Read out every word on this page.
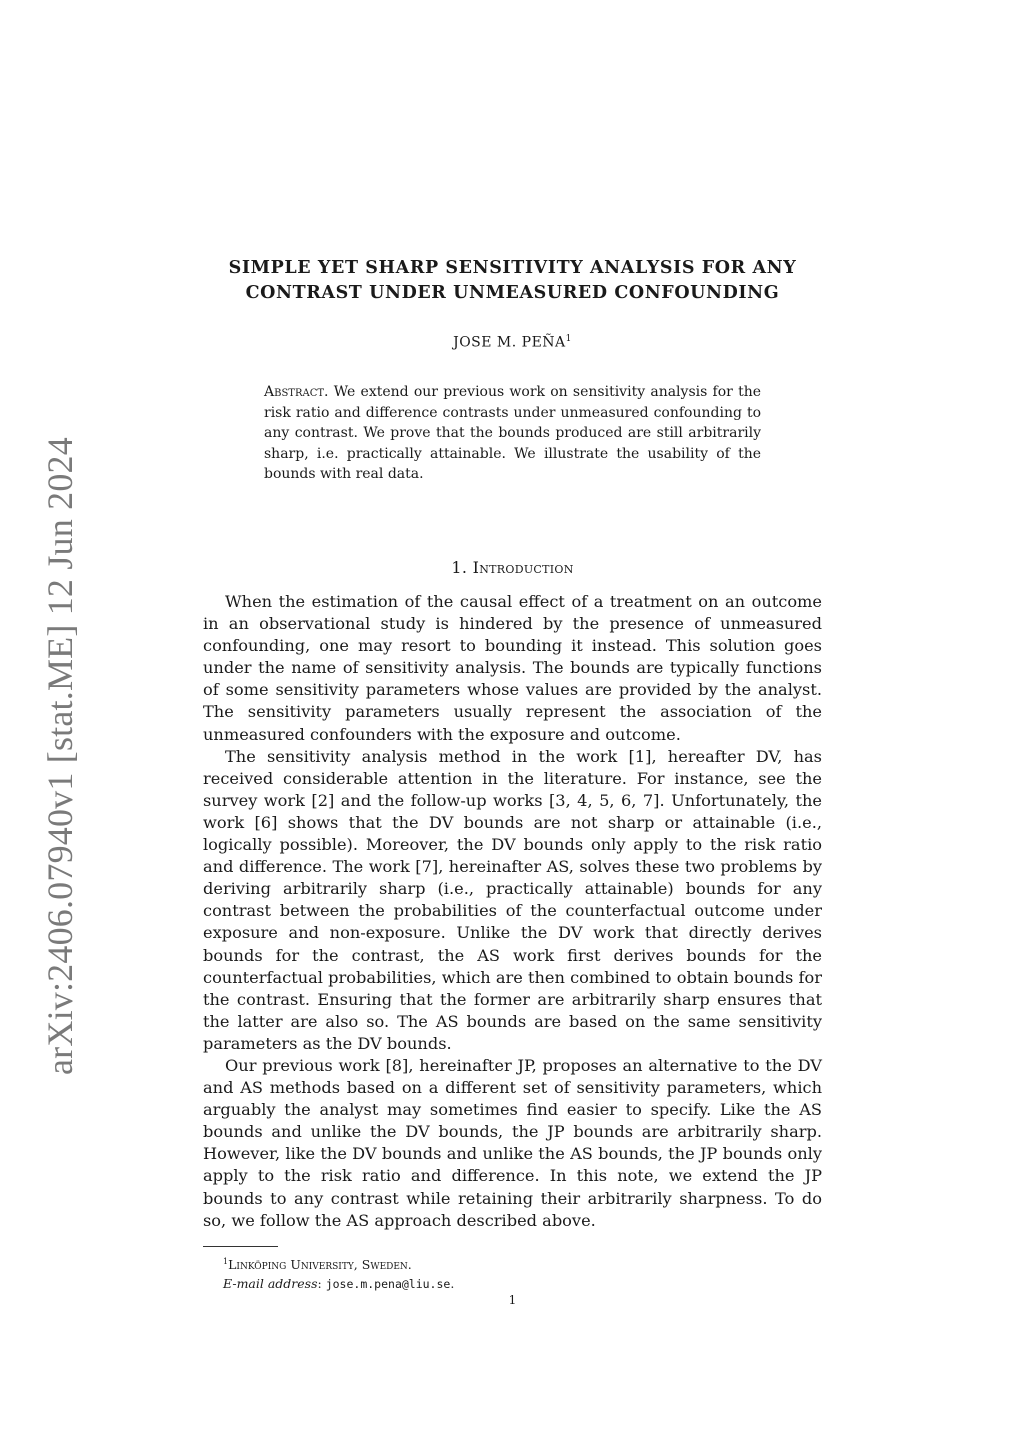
arXiv:2406.07940v1 [stat.ME] 12 Jun 2024
SIMPLE YET SHARP SENSITIVITY ANALYSIS FOR ANY
CONTRAST UNDER UNMEASURED CONFOUNDING
JOSE M. PEÑA$^1$
Abstract. We extend our previous work on sensitivity analysis for the risk ratio and difference contrasts under unmeasured confounding to any contrast. We prove that the bounds produced are still arbitrarily sharp, i.e. practically attainable. We illustrate the usability of the bounds with real data.
1. Introduction

When the estimation of the causal effect of a treatment on an outcome in an observational study is hindered by the presence of unmeasured confounding, one may resort to bounding it instead. This solution goes under the name of sensitivity analysis. The bounds are typically functions of some sensitivity parameters whose values are provided by the analyst. The sensitivity parameters usually represent the association of the unmeasured confounders with the exposure and outcome.

The sensitivity analysis method in the work [1], hereafter DV, has received considerable attention in the literature. For instance, see the survey work [2] and the follow-up works [3, 4, 5, 6, 7]. Unfortunately, the work [6] shows that the DV bounds are not sharp or attainable (i.e., logically possible). Moreover, the DV bounds only apply to the risk ratio and difference. The work [7], hereinafter AS, solves these two problems by deriving arbitrarily sharp (i.e., practically attainable) bounds for any contrast between the probabilities of the counterfactual outcome under exposure and non-exposure. Unlike the DV work that directly derives bounds for the contrast, the AS work first derives bounds for the counterfactual probabilities, which are then combined to obtain bounds for the contrast. Ensuring that the former are arbitrarily sharp ensures that the latter are also so. The AS bounds are based on the same sensitivity parameters as the DV bounds.

Our previous work [8], hereinafter JP, proposes an alternative to the DV and AS methods based on a different set of sensitivity parameters, which arguably the analyst may sometimes find easier to specify. Like the AS bounds and unlike the DV bounds, the JP bounds are arbitrarily sharp. However, like the DV bounds and unlike the AS bounds, the JP bounds only apply to the risk ratio and difference. In this note, we extend the JP bounds to any contrast while retaining their arbitrarily sharpness. To do so, we follow the AS approach described above.

$^1$Linköping University, Sweden.
E-mail address: jose.m.pena@liu.se.
1
